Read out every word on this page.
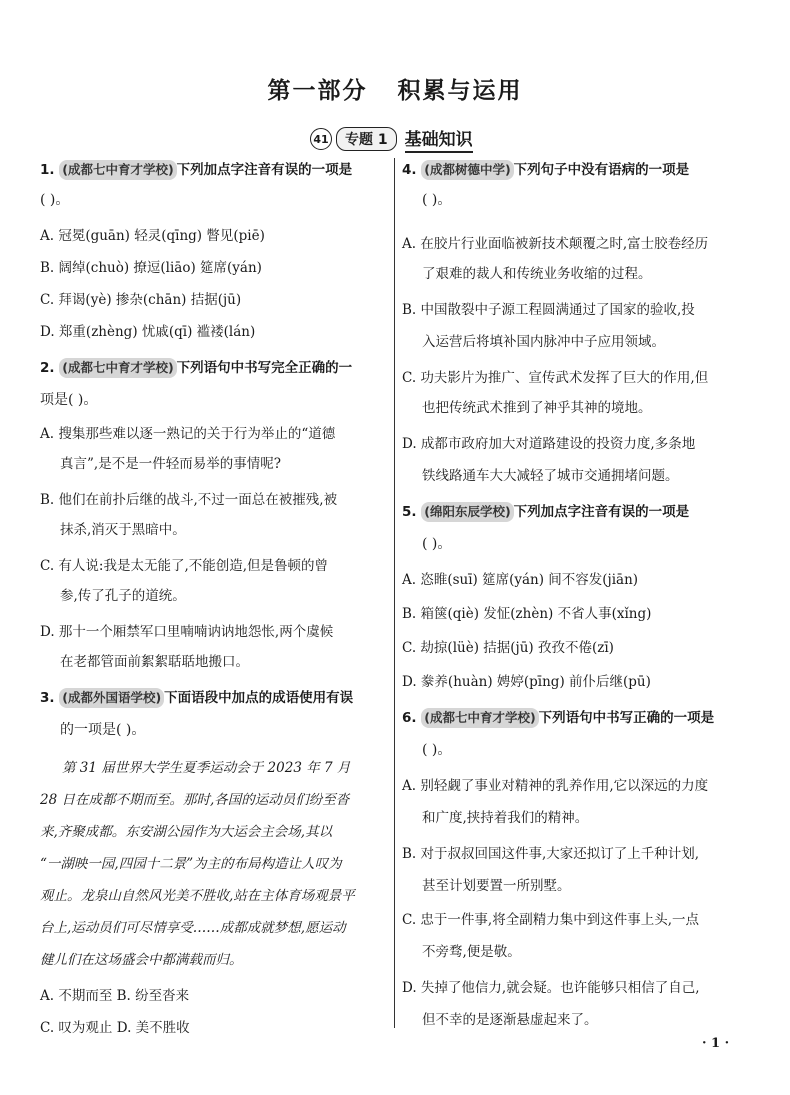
第一部分   积累与运用
41	专题 1	基础知识
1. (成都七中育才学校) 下列加点字注音有误的一项是
( )。
A. 冠冕(guān) 轻灵(qīng) 瞥见(piē)
B. 阔绰(chuò) 撩逗(liāo) 筵席(yán)
C. 拜谒(yè) 掺杂(chān) 拮据(jū)
D. 郑重(zhèng) 忧戚(qī) 褴褛(lán)
2. (成都七中育才学校) 下列语句中书写完全正确的一
项是( )。
A. 搜集那些难以逐一熟记的关于行为举止的“道德
真言”,是不是一件轻而易举的事情呢?
B. 他们在前扑后继的战斗,不过一面总在被摧残,被
抹杀,消灭于黑暗中。
C. 有人说:我是太无能了,不能创造,但是鲁顿的曾
参,传了孔子的道统。
D. 那十一个厢禁军口里喃喃讷讷地怨怅,两个虞候
在老都管面前絮絮聒聒地搬口。
3. (成都外国语学校) 下面语段中加点的成语使用有误
的一项是( )。
第 31 届世界大学生夏季运动会于 2023 年 7 月
28 日在成都不期而至。那时,各国的运动员们纷至沓
来,齐聚成都。东安湖公园作为大运会主会场,其以
“一湖映一园,四园十二景”为主的布局构造让人叹为
观止。龙泉山自然风光美不胜收,站在主体育场观景平
台上,运动员们可尽情享受……成都成就梦想,愿运动
健儿们在这场盛会中都满载而归。
A. 不期而至 B. 纷至沓来
C. 叹为观止 D. 美不胜收
4. (成都树德中学) 下列句子中没有语病的一项是
( )。
A. 在胶片行业面临被新技术颠覆之时,富士胶卷经历
了艰难的裁人和传统业务收缩的过程。
B. 中国散裂中子源工程圆满通过了国家的验收,投
入运营后将填补国内脉冲中子应用领域。
C. 功夫影片为推广、宣传武术发挥了巨大的作用,但
也把传统武术推到了神乎其神的境地。
D. 成都市政府加大对道路建设的投资力度,多条地
铁线路通车大大减轻了城市交通拥堵问题。
5. (绵阳东辰学校) 下列加点字注音有误的一项是
( )。
A. 恣睢(suī) 筵席(yán) 间不容发(jiān)
B. 箱箧(qiè) 发怔(zhèn) 不省人事(xǐng)
C. 劫掠(lüè) 拮据(jū) 孜孜不倦(zī)
D. 豢养(huàn) 娉婷(pīng) 前仆后继(pū)
6. (成都七中育才学校) 下列语句中书写正确的一项是
( )。
A. 别轻觑了事业对精神的乳养作用,它以深远的力度
和广度,挟持着我们的精神。
B. 对于叔叔回国这件事,大家还拟订了上千种计划,
甚至计划要置一所别墅。
C. 忠于一件事,将全副精力集中到这件事上头,一点
不旁骛,便是敬。
D. 失掉了他信力,就会疑。也许能够只相信了自己,
但不幸的是逐渐悬虚起来了。
· 1 ·
